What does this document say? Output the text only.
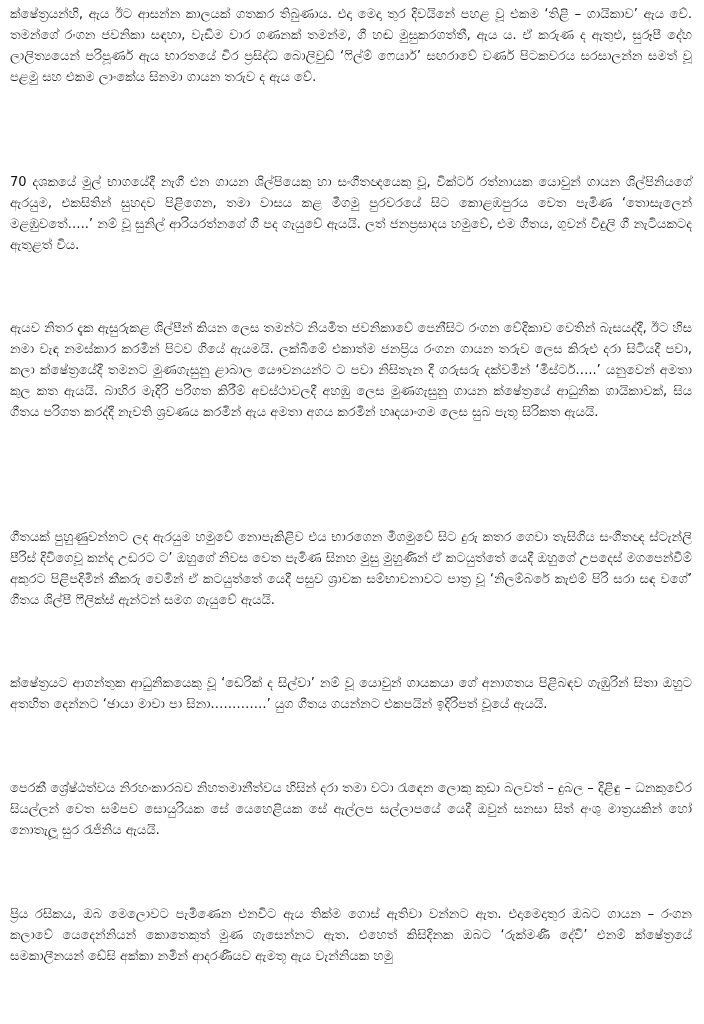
ක්ෂේත්‍රයන්හි, ඇය ඊට ආසන්න කාලයක් ගතකර තිබුණාය. එදා මෙදා තුර දිවයිනේ පහළ වූ එකම ‘තිළි – ගායිකාව’ ඇය වේ. තමන්ගේ රංගන ජවනිකා සඳහා, වැඩිම වාර ගණනක් තමන්ම, ගී හඬ මුසුකරගත්තී, ඇය ය. ඒ කරුණ ද ඇතුළු, සුරූපී දේහ ලාලිත්‍යයෙන් පරිපූර්ණ ඇය භාරතයේ චිර ප්‍රසිද්ධ බොලිවුඩ් ‘ෆිල්ම් ෆෙයාර්’ සඟරාවේ වර්ණ පිටකවරය සරසාලන්න සමත් වූ පළමු සහ එකම ලාංකේය සිනමා ගායන තරුව ද ඇය වේ.

70 දශකයේ මුල් භාගයේදී නැගී එන ගායන ශිල්පියෙකු හා සංගීතඥයෙකු වූ, වික්ටර් රත්නායක යොවුන් ගායන ශිල්පිනියගේ ඇරයුම, එකසිතින් සුහදව පිළිගෙන, තමා වාසය කළ මීගමු පුරවරයේ සිට කොළඹපුරය වෙත පැමිණ ‘තොසැලෙන් මළඹුවතේ…..’ නම් වූ සුනිල් ආරියරත්නගේ ගී පද ගැයුවේ ඇයයි. ලත් ජනප්‍රසාදය හමුවේ, එම ගීතය, ගුවන් විදුලි ගී නැටියකටද ඇතුළත් විය.

ඇයව නිතර දැක ඇසුරුකළ ශිල්පීන් කියන ලෙස තමන්ට නියමිත ජවනිකාවේ පෙනීසිට රංගන වේදිකාව වෙතින් බැසයද්දී, ඊට හිස නමා වැඳ නමස්කාර කරමින් පිටව ගියේ ඇයමයි. ලක්බිමේ එකාත්ම ජනප්‍රිය රංගන ගායන තරුව ලෙස කිරුළු දරා සිටියදී පවා, කලා ක්ෂේත්‍රයේදී තමනට මුණගැසුනු ළාබාල යෞවනයන්ට ට පවා නිසිතැන දී ගරුසරු දක්වමින් ‘මිස්ටර්…..’ යනුවෙන් අමතා කුල කත ඇයයි. බාහිර මැදිරි පරිගත කිරීම් අවස්ථාවලදී අහඹු ලෙස මුණගැසුනු ගායන ක්ෂේත්‍රයේ ආධුනික ගායිකාවක්, සිය ගීතය පරිගත කරද්දී නැවති ශ්‍රවණය කරමින් ඇය අමතා අගය කරමින් හෘදයාංගම ලෙස සුබ පැතූ සිරිකත ඇයයි.

ගීතයක් පුහුණුවන්නට ලද ඇරයුම හමුවේ නොපැකිළිව එය භාරගෙන මීගමුවේ සිට දුරු කතර ගෙවා තැසිගිය සංගීතඥ ස්ටැන්ලි පීරිස් දිවිගෙවූ කන්ද උඩරට ට’ ඔහුගේ නිවස වෙත පැමිණ සිනහ මුසු මුහුණින් ඒ කටයුත්තේ යෙදී ඔහුගේ උපදෙස් මගපෙන්වීම් අකුරට පිළිපදිමින් කීකරු වෙමින් ඒ කටයුත්තේ යෙදී පසුව ශ්‍රාවක සම්භාවනාවට පාත්‍ර වූ ‘නිලම්බරේ කැළුම් පිරි සරා සඳ වගේ’ ගීතය ශිල්පී ෆීලික්ස් ඇන්ටන් සමග ගැයුවේ ඇයයි.

ක්ෂේත්‍රයට ආගන්තුක ආධුනිකයෙකු වූ ‘ඩෙරික් ද සිල්වා’ නම් වූ යොවුන් ගායකයා ගේ අනාගතය පිළිබඳව ගැඹුරින් සිතා ඔහුට අතහිත දෙන්නට ‘ඡායා මාවා පා සිනා………….’ යුග ගීතය ගයන්නට එකපයින් ඉදිරිපත් වූයේ ඇයයි.

පෙරකී ශ්‍රේෂ්ඨත්වය නිරහංකාරබව නිහතමානීත්වය හිසින් දරා තමා වටා රැඳෙන ලොකු කුඩා බලවත් – දුබල – දිළිඳු – ධනකුවේර සියල්ලන් වෙත සම්පව සොයුරියක සේ යෙහෙළියක සේ ඇල්ලප සල්ලාපයේ යෙදී ඔවුන් සනසා සිත් අංශු මාත්‍රයකින් හෝ නොතැලූ සුර රැජිනිය ඇයයි.

ප්‍රිය රසිකය, ඔබ මෙලොවට පැමිණෙන එනවිට ඇය තික්ම ගොස් ඇතිවා වන්නට ඇත. එදාමෙදාතුර ඔබට ගායන – රංගන කලාවේ යෙදෙන්නියන් කොතෙකුත් මුණ ගැසෙන්නට ඇත. එහෙත් කිසිදිනක ඔබට ‘රුක්මණී දේවි’ එනම් ක්ෂේත්‍රයේ සමකාලීනයන් ඩේසි අක්කා නමින් ආදරණීයව ඇමතූ ඇය වැන්නියක හමු
